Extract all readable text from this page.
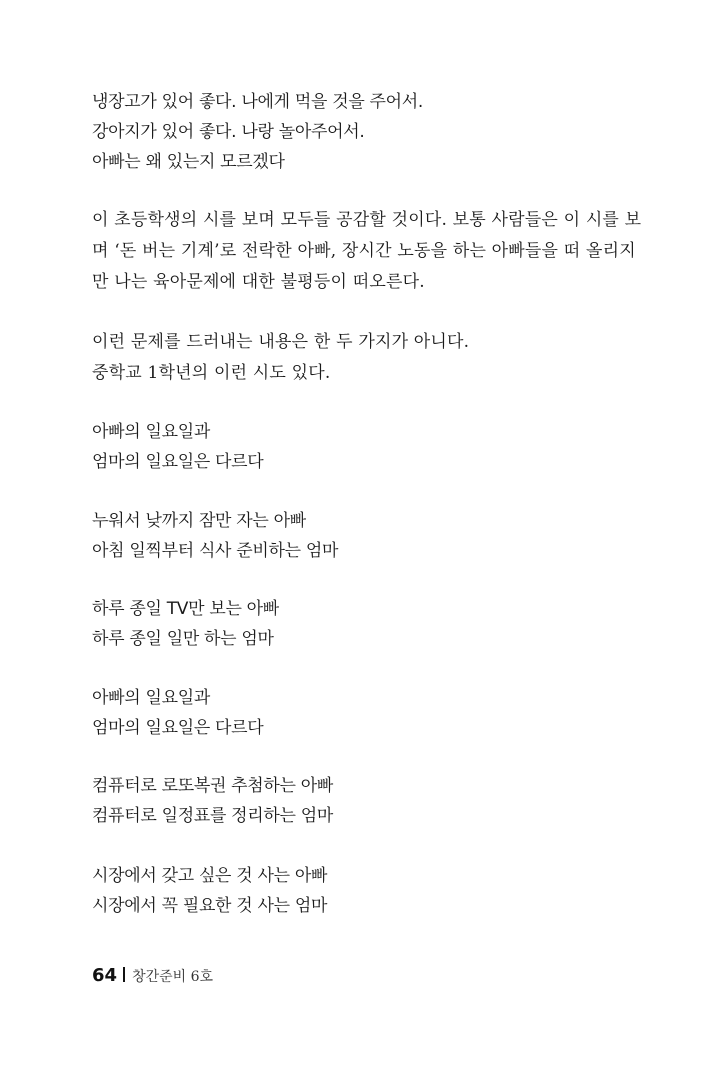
냉장고가 있어 좋다. 나에게 먹을 것을 주어서.
강아지가 있어 좋다. 나랑 놀아주어서.
아빠는 왜 있는지 모르겠다
이 초등학생의 시를 보며 모두들 공감할 것이다. 보통 사람들은 이 시를 보
며 ‘돈 버는 기계’로 전락한 아빠, 장시간 노동을 하는 아빠들을 떠 올리지
만 나는 육아문제에 대한 불평등이 떠오른다.
이런 문제를 드러내는 내용은 한 두 가지가 아니다.
중학교 1학년의 이런 시도 있다.
아빠의 일요일과
엄마의 일요일은 다르다
누워서 낮까지 잠만 자는 아빠
아침 일찍부터 식사 준비하는 엄마
하루 종일 TV만 보는 아빠
하루 종일 일만 하는 엄마
아빠의 일요일과
엄마의 일요일은 다르다
컴퓨터로 로또복권 추첨하는 아빠
컴퓨터로 일정표를 정리하는 엄마
시장에서 갖고 싶은 것 사는 아빠
시장에서 꼭 필요한 것 사는 엄마
64 창간준비 6호
